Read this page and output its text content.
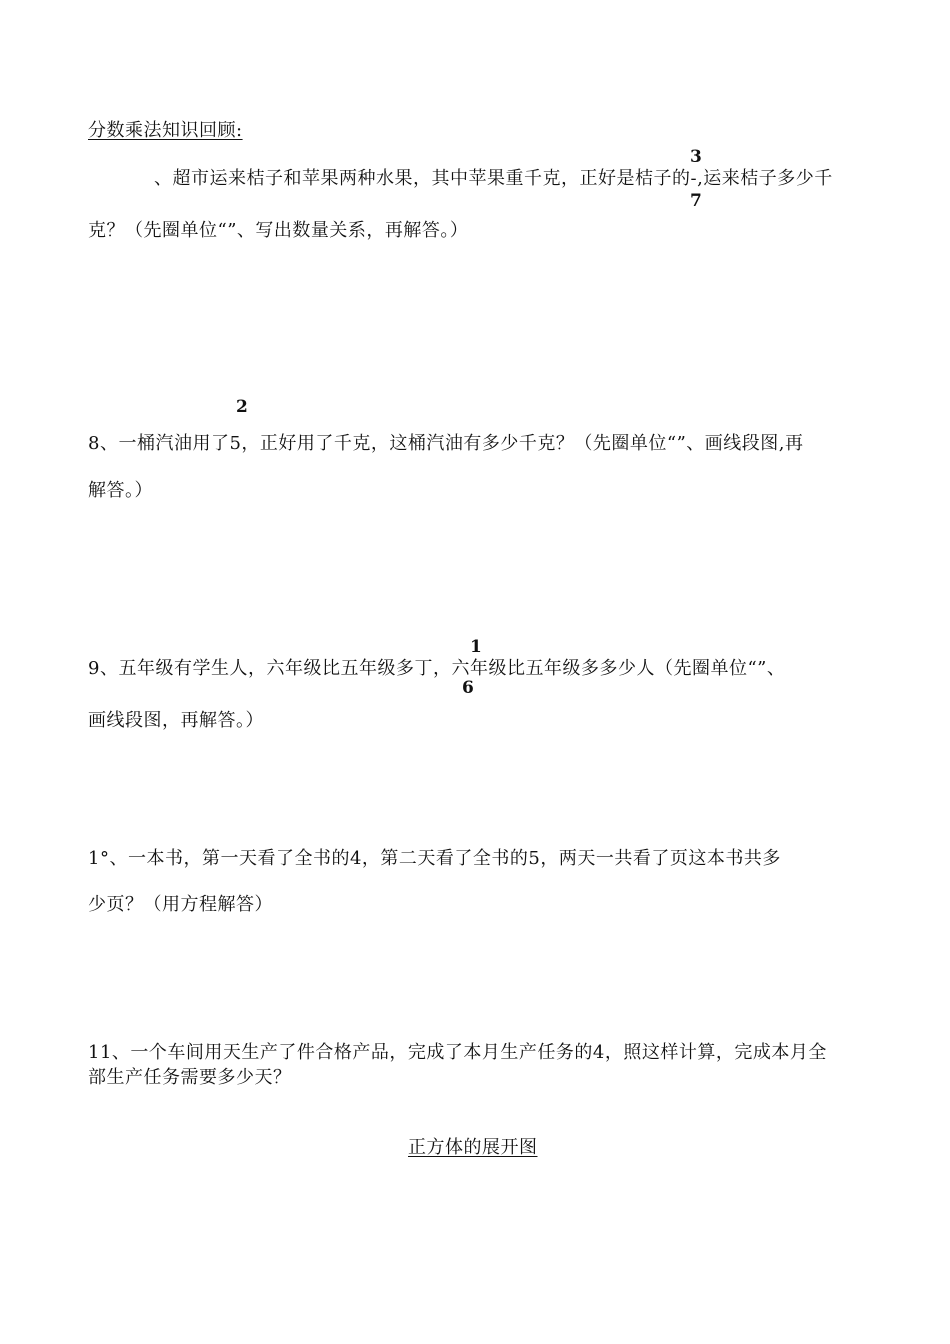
分数乘法知识回顾:
3
、超市运来桔子和苹果两种水果，其中苹果重千克，正好是桔子的-,运来桔子多少千
7
克？（先圈单位“”、写出数量关系，再解答。）
2
8、一桶汽油用了5，正好用了千克，这桶汽油有多少千克？（先圈单位“”、画线段图,再
解答。）
1
9、五年级有学生人，六年级比五年级多丁，六年级比五年级多多少人（先圈单位“”、
6
画线段图，再解答。）
1°、一本书，第一天看了全书的4，第二天看了全书的5，两天一共看了页这本书共多
少页？（用方程解答）
11、一个车间用天生产了件合格产品，完成了本月生产任务的4，照这样计算，完成本月全
部生产任务需要多少天？
正方体的展开图
